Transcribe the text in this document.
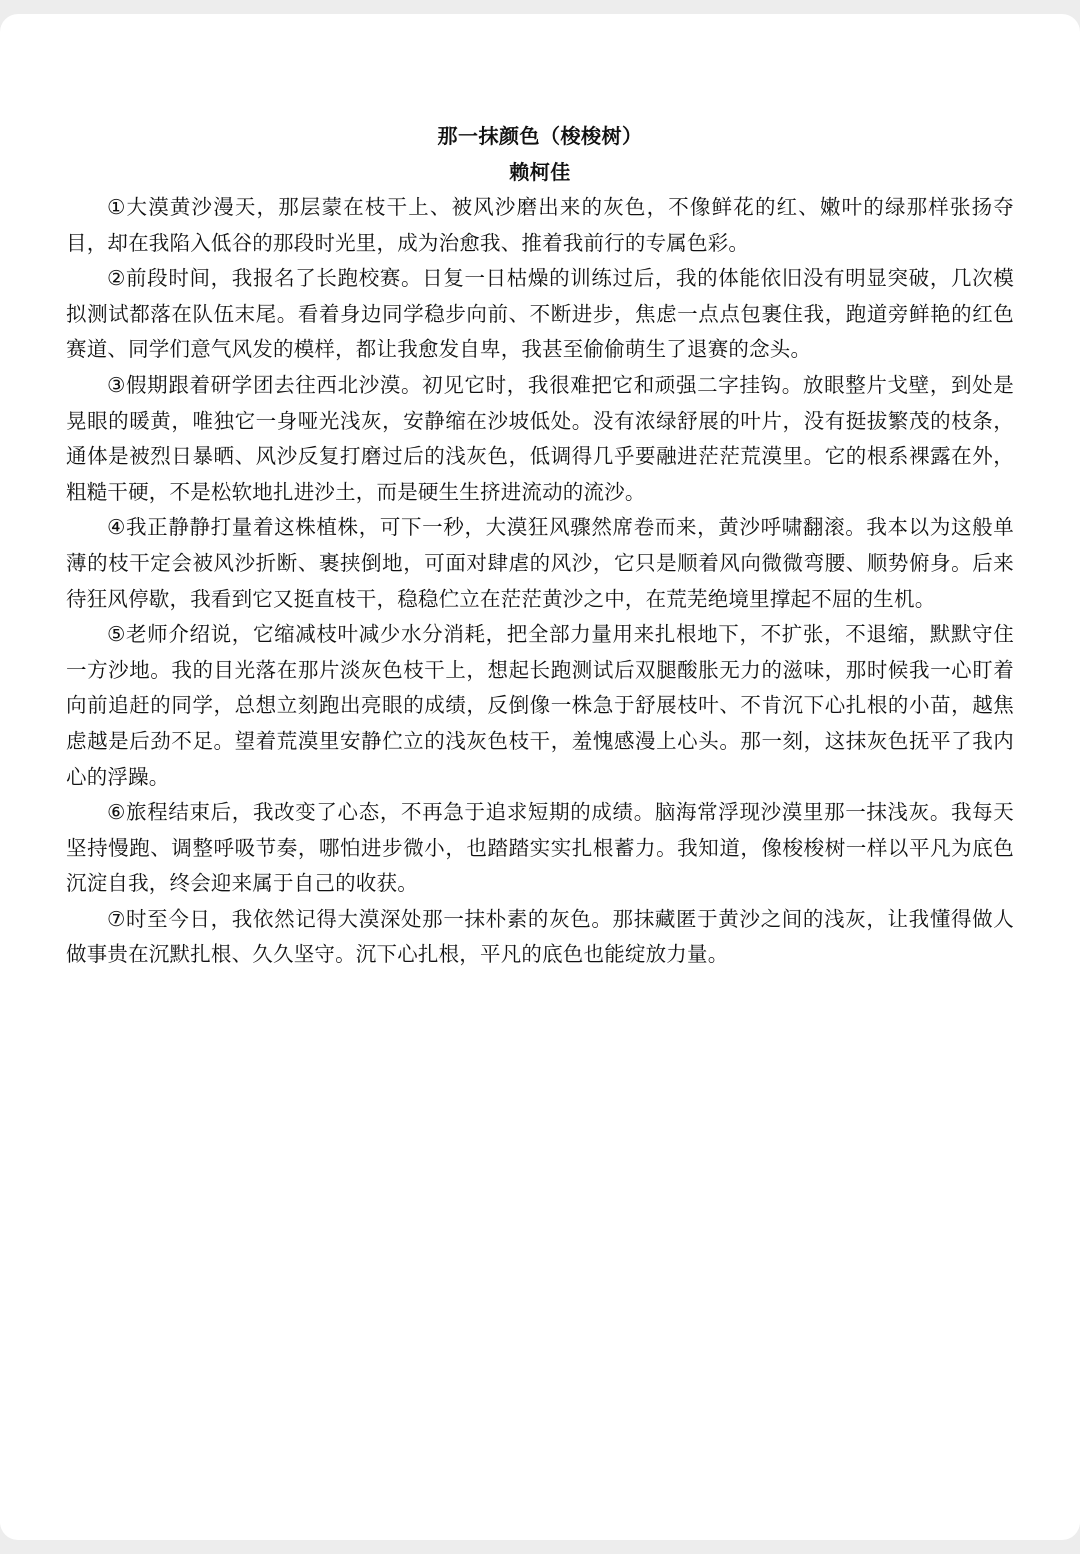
那一抹颜色（梭梭树）
赖柯佳

①大漠黄沙漫天，那层蒙在枝干上、被风沙磨出来的灰色，不像鲜花的红、嫩叶的绿那样张扬夺目，却在我陷入低谷的那段时光里，成为治愈我、推着我前行的专属色彩。

②前段时间，我报名了长跑校赛。日复一日枯燥的训练过后，我的体能依旧没有明显突破，几次模拟测试都落在队伍末尾。看着身边同学稳步向前、不断进步，焦虑一点点包裹住我，跑道旁鲜艳的红色赛道、同学们意气风发的模样，都让我愈发自卑，我甚至偷偷萌生了退赛的念头。

③假期跟着研学团去往西北沙漠。初见它时，我很难把它和顽强二字挂钩。放眼整片戈壁，到处是晃眼的暖黄，唯独它一身哑光浅灰，安静缩在沙坡低处。没有浓绿舒展的叶片，没有挺拔繁茂的枝条，通体是被烈日暴晒、风沙反复打磨过后的浅灰色，低调得几乎要融进茫茫荒漠里。它的根系裸露在外，粗糙干硬，不是松软地扎进沙土，而是硬生生挤进流动的流沙。

④我正静静打量着这株植株，可下一秒，大漠狂风骤然席卷而来，黄沙呼啸翻滚。我本以为这般单薄的枝干定会被风沙折断、裹挟倒地，可面对肆虐的风沙，它只是顺着风向微微弯腰、顺势俯身。后来待狂风停歇，我看到它又挺直枝干，稳稳伫立在茫茫黄沙之中，在荒芜绝境里撑起不屈的生机。

⑤老师介绍说，它缩减枝叶减少水分消耗，把全部力量用来扎根地下，不扩张，不退缩，默默守住一方沙地。我的目光落在那片淡灰色枝干上，想起长跑测试后双腿酸胀无力的滋味，那时候我一心盯着向前追赶的同学，总想立刻跑出亮眼的成绩，反倒像一株急于舒展枝叶、不肯沉下心扎根的小苗，越焦虑越是后劲不足。望着荒漠里安静伫立的浅灰色枝干，羞愧感漫上心头。那一刻，这抹灰色抚平了我内心的浮躁。

⑥旅程结束后，我改变了心态，不再急于追求短期的成绩。脑海常浮现沙漠里那一抹浅灰。我每天坚持慢跑、调整呼吸节奏，哪怕进步微小，也踏踏实实扎根蓄力。我知道，像梭梭树一样以平凡为底色沉淀自我，终会迎来属于自己的收获。

⑦时至今日，我依然记得大漠深处那一抹朴素的灰色。那抹藏匿于黄沙之间的浅灰，让我懂得做人做事贵在沉默扎根、久久坚守。沉下心扎根，平凡的底色也能绽放力量。
